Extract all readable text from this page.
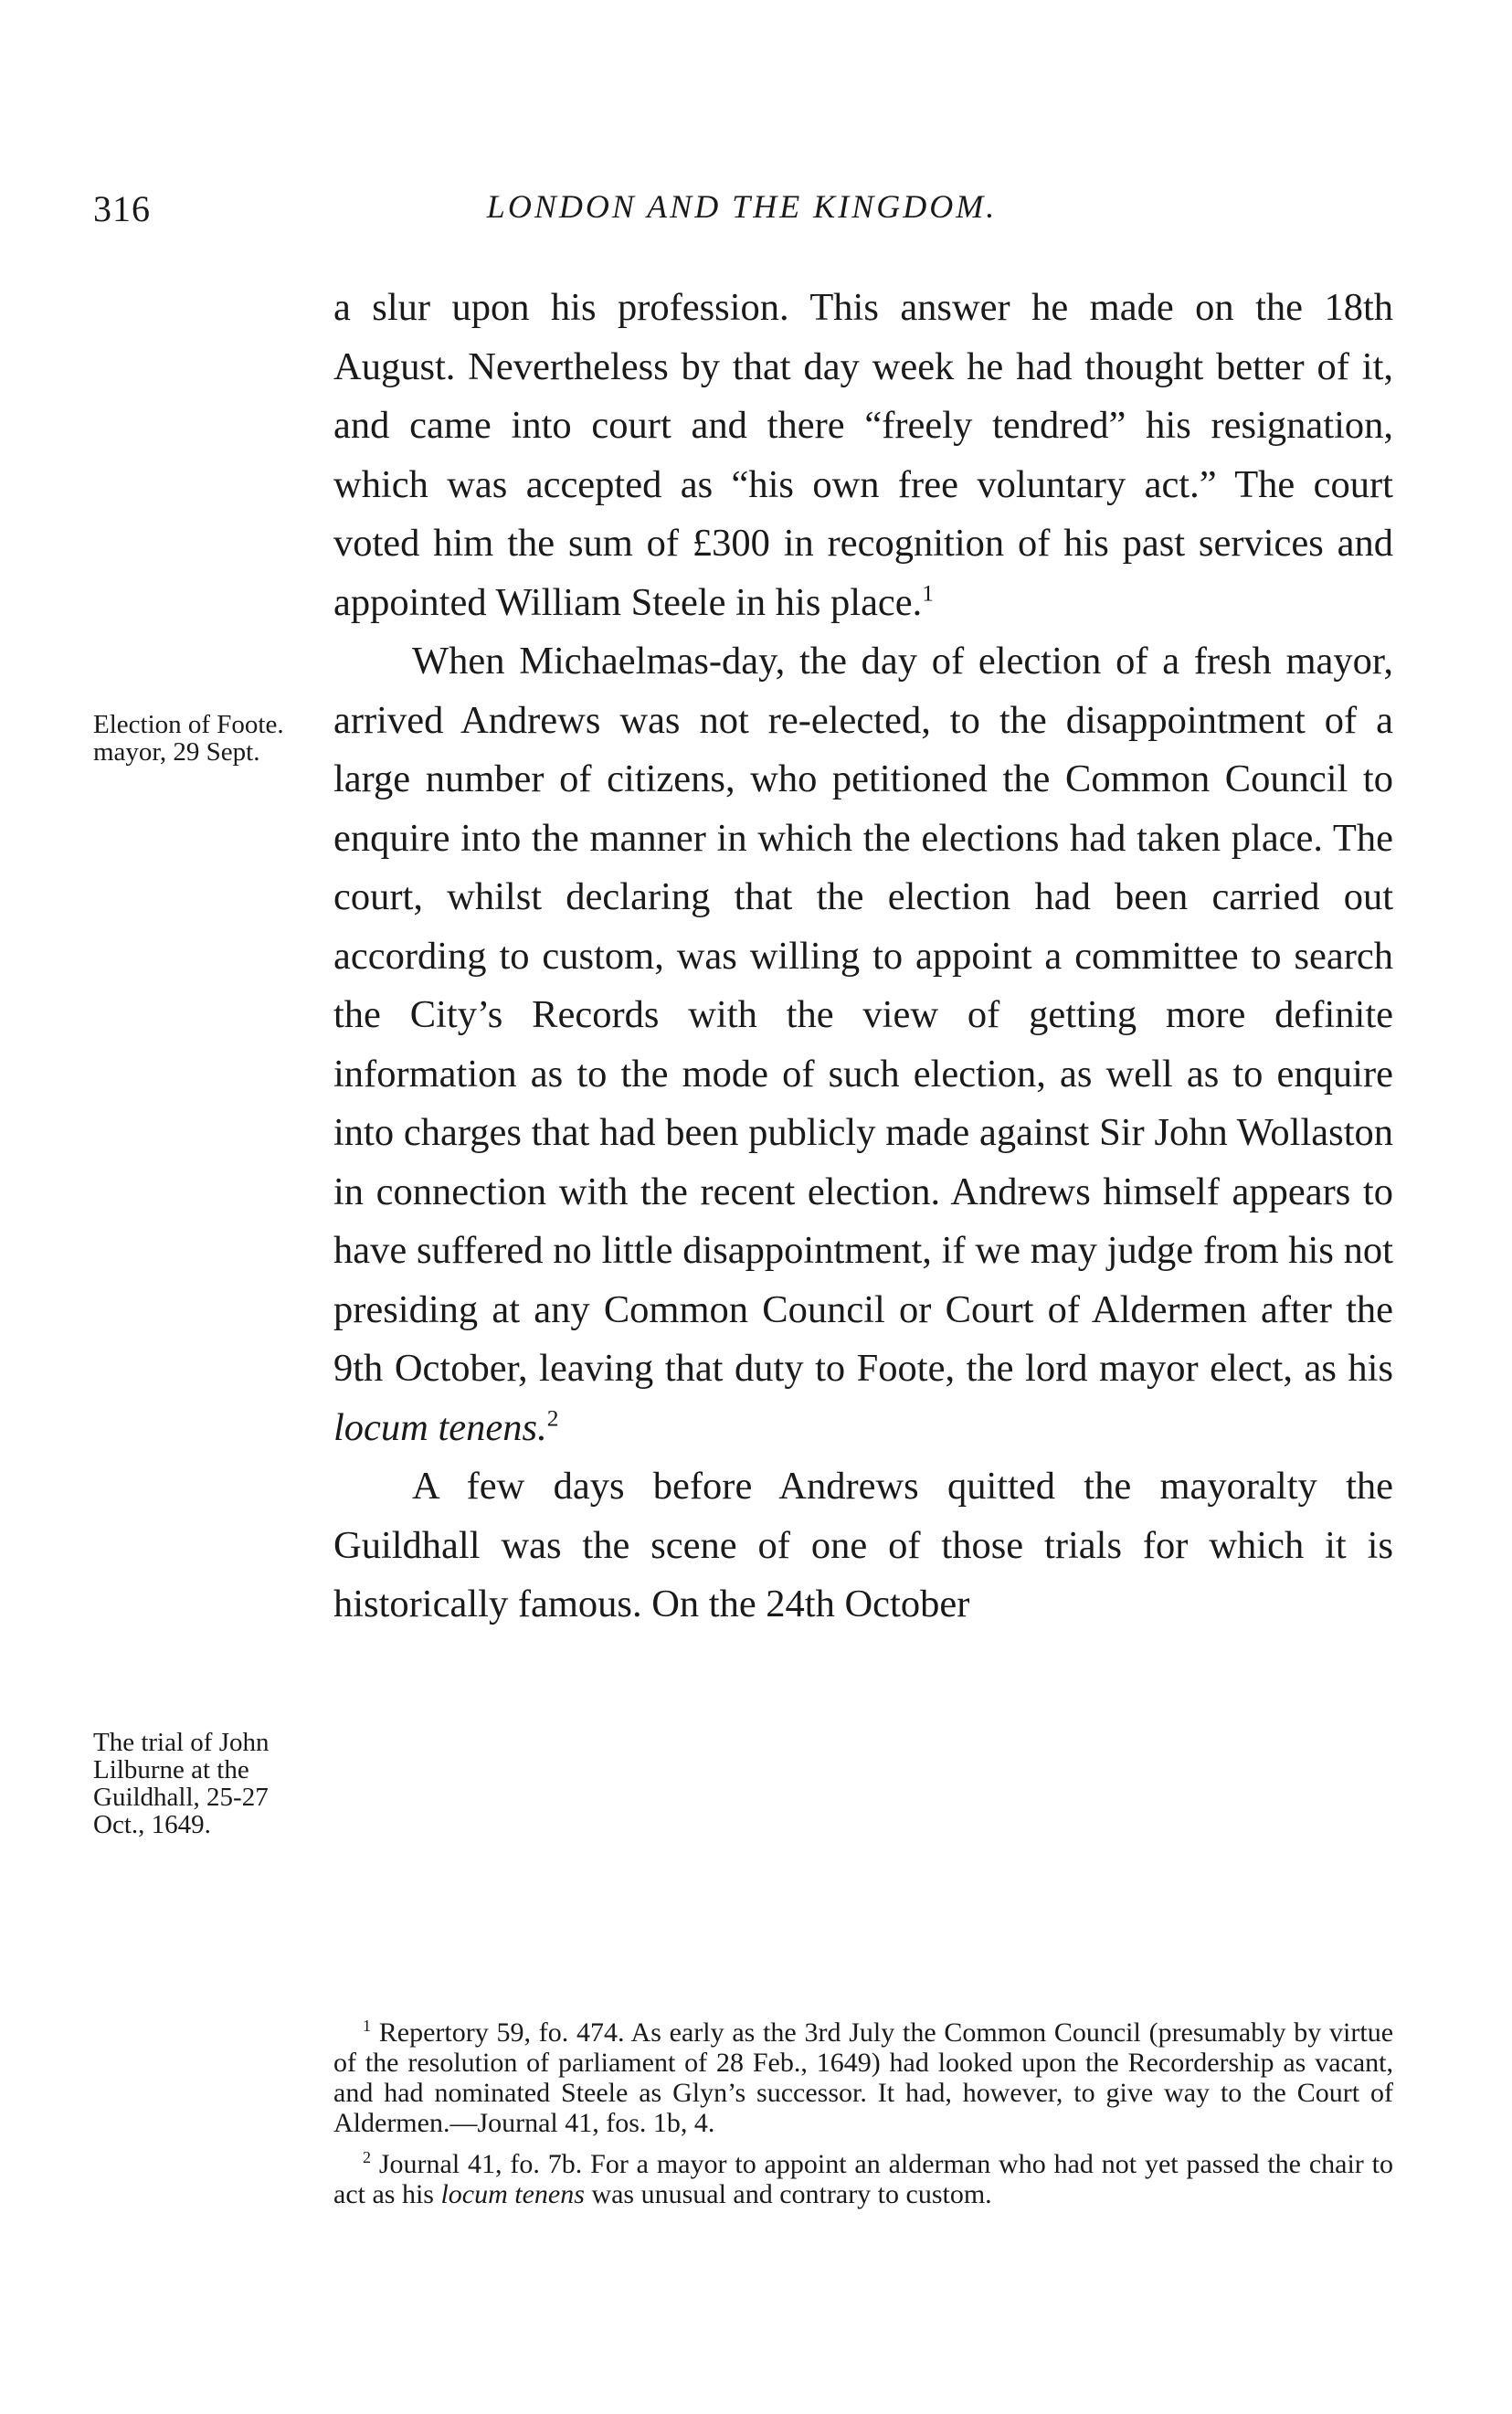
316	LONDON AND THE KINGDOM.
Election of Foote. mayor, 29 Sept.
The trial of John Lilburne at the Guildhall, 25-27 Oct., 1649.

a slur upon his profession. This answer he made on the 18th August. Nevertheless by that day week he had thought better of it, and came into court and there “freely tendred” his resignation, which was accepted as “his own free voluntary act.” The court voted him the sum of £300 in recognition of his past services and appointed William Steele in his place.$^1$

When Michaelmas-day, the day of election of a fresh mayor, arrived Andrews was not re-elected, to the disappointment of a large number of citizens, who petitioned the Common Council to enquire into the manner in which the elections had taken place. The court, whilst declaring that the election had been carried out according to custom, was willing to appoint a committee to search the City’s Records with the view of getting more definite information as to the mode of such election, as well as to enquire into charges that had been publicly made against Sir John Wollaston in connection with the recent election. Andrews himself appears to have suffered no little disappointment, if we may judge from his not presiding at any Common Council or Court of Aldermen after the 9th October, leaving that duty to Foote, the lord mayor elect, as his locum tenens.$^2$

A few days before Andrews quitted the mayoralty the Guildhall was the scene of one of those trials for which it is historically famous. On the 24th October

$^1$ Repertory 59, fo. 474. As early as the 3rd July the Common Council (presumably by virtue of the resolution of parliament of 28 Feb., 1649) had looked upon the Recordership as vacant, and had nominated Steele as Glyn’s successor. It had, however, to give way to the Court of Aldermen.—Journal 41, fos. 1b, 4.

$^2$ Journal 41, fo. 7b. For a mayor to appoint an alderman who had not yet passed the chair to act as his locum tenens was unusual and contrary to custom.
